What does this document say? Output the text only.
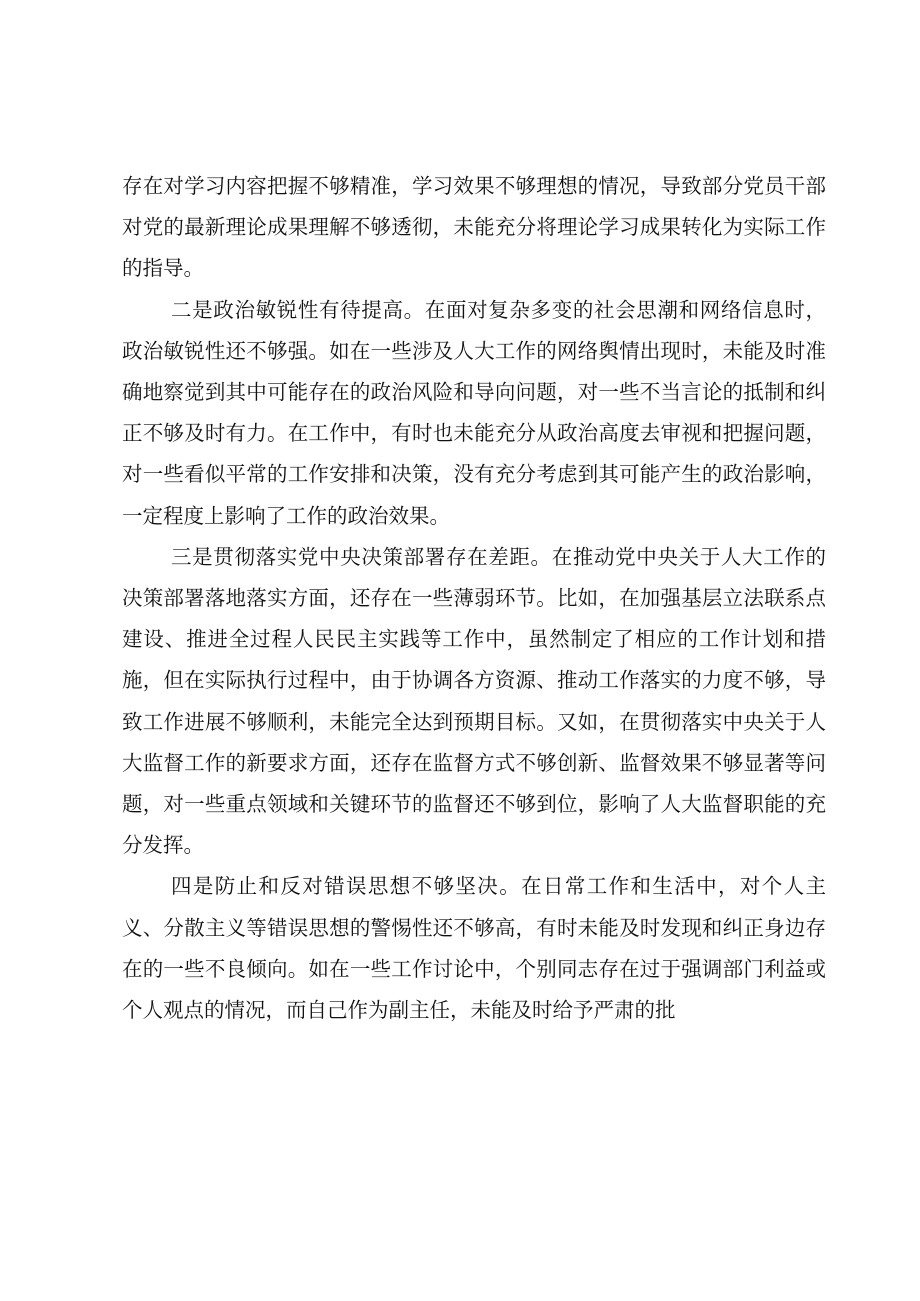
存在对学习内容把握不够精准，学习效果不够理想的情况，导致部分党员干部对党的最新理论成果理解不够透彻，未能充分将理论学习成果转化为实际工作的指导。

二是政治敏锐性有待提高。在面对复杂多变的社会思潮和网络信息时，政治敏锐性还不够强。如在一些涉及人大工作的网络舆情出现时，未能及时准确地察觉到其中可能存在的政治风险和导向问题，对一些不当言论的抵制和纠正不够及时有力。在工作中，有时也未能充分从政治高度去审视和把握问题，对一些看似平常的工作安排和决策，没有充分考虑到其可能产生的政治影响，一定程度上影响了工作的政治效果。

三是贯彻落实党中央决策部署存在差距。在推动党中央关于人大工作的决策部署落地落实方面，还存在一些薄弱环节。比如，在加强基层立法联系点建设、推进全过程人民民主实践等工作中，虽然制定了相应的工作计划和措施，但在实际执行过程中，由于协调各方资源、推动工作落实的力度不够，导致工作进展不够顺利，未能完全达到预期目标。又如，在贯彻落实中央关于人大监督工作的新要求方面，还存在监督方式不够创新、监督效果不够显著等问题，对一些重点领域和关键环节的监督还不够到位，影响了人大监督职能的充分发挥。

四是防止和反对错误思想不够坚决。在日常工作和生活中，对个人主义、分散主义等错误思想的警惕性还不够高，有时未能及时发现和纠正身边存在的一些不良倾向。如在一些工作讨论中，个别同志存在过于强调部门利益或个人观点的情况，而自己作为副主任，未能及时给予严肃的批
